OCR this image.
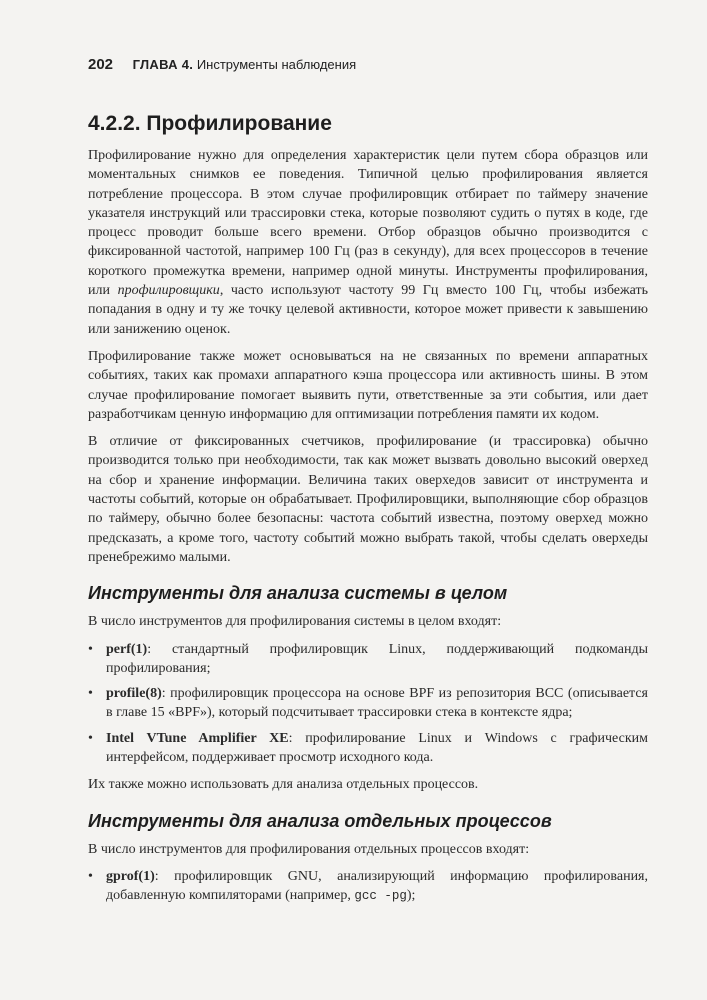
202 ГЛАВА 4. Инструменты наблюдения
4.2.2. Профилирование

Профилирование нужно для определения характеристик цели путем сбора образцов или моментальных снимков ее поведения. Типичной целью профилирования является потребление процессора. В этом случае профилировщик отбирает по таймеру значение указателя инструкций или трассировки стека, которые позволяют судить о путях в коде, где процесс проводит больше всего времени. Отбор образцов обычно производится с фиксированной частотой, например 100 Гц (раз в секунду), для всех процессоров в течение короткого промежутка времени, например одной минуты. Инструменты профилирования, или профилировщики, часто используют частоту 99 Гц вместо 100 Гц, чтобы избежать попадания в одну и ту же точку целевой активности, которое может привести к завышению или занижению оценок.

Профилирование также может основываться на не связанных по времени аппаратных событиях, таких как промахи аппаратного кэша процессора или активность шины. В этом случае профилирование помогает выявить пути, ответственные за эти события, или дает разработчикам ценную информацию для оптимизации потребления памяти их кодом.

В отличие от фиксированных счетчиков, профилирование (и трассировка) обычно производится только при необходимости, так как может вызвать довольно высокий оверхед на сбор и хранение информации. Величина таких оверхедов зависит от инструмента и частоты событий, которые он обрабатывает. Профилировщики, выполняющие сбор образцов по таймеру, обычно более безопасны: частота событий известна, поэтому оверхед можно предсказать, а кроме того, частоту событий можно выбрать такой, чтобы сделать оверхеды пренебрежимо малыми.

Инструменты для анализа системы в целом

В число инструментов для профилирования системы в целом входят:

• perf(1): стандартный профилировщик Linux, поддерживающий подкоманды профилирования;
• profile(8): профилировщик процессора на основе BPF из репозитория BCC (описывается в главе 15 «BPF»), который подсчитывает трассировки стека в контексте ядра;
• Intel VTune Amplifier XE: профилирование Linux и Windows с графическим интерфейсом, поддерживает просмотр исходного кода.

Их также можно использовать для анализа отдельных процессов.

Инструменты для анализа отдельных процессов

В число инструментов для профилирования отдельных процессов входят:

• gprof(1): профилировщик GNU, анализирующий информацию профилирования, добавленную компиляторами (например, gcc -pg);
